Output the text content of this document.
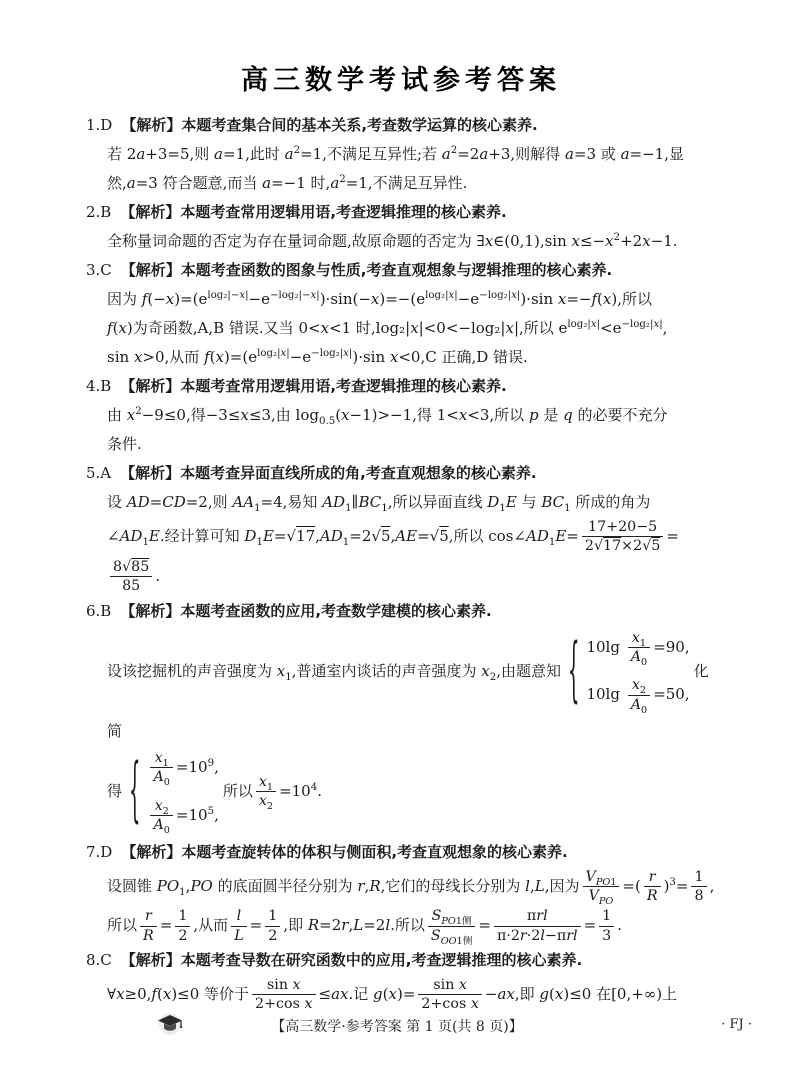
高三数学考试参考答案
1.D 【解析】本题考查集合间的基本关系,考查数学运算的核心素养.
若 2a+3=5,则 a=1,此时 $a^2=1$,不满足互异性;若 $a^2=2a+3$,则解得 a=3 或 a=−1,显
然,a=3 符合题意,而当 a=−1 时$,a^2=1$,不满足互异性.
2.B 【解析】本题考查常用逻辑用语,考查逻辑推理的核心素养.
全称量词命题的否定为存在量词命题,故原命题的否定为 ∃x∈(0,1),sin $x\le-x^2+2x-1$.
3.C 【解析】本题考查函数的图象与性质,考查直观想象与逻辑推理的核心素养.
因为 $f(-x)=(e^{log_2|-x|}-e^{-log_2|-x|})\cdot\sin(-x)=-(e^{log_2|x|}-e^{-log_2|x|})\cdot\sin$ x=−f(x),所以
f(x)为奇函数,A,B 错误.又当 0<x<1 时,log₂|x|<0<−log₂|x|,所以 $e^{log_2|x|}<e^{-log_2|x|}$,
sin x>0,从而 $f(x)=(e^{log_2|x|}-e^{-log_2|x|})\cdot\sin$ x<0,C 正确,D 错误.
4.B 【解析】本题考查常用逻辑用语,考查逻辑推理的核心素养.
由 $x^2-9\le 0$,得−3≤x≤3,由 $\log_{0.5}(x-1)>-1$,得 1<x<3,所以 p 是 q 的必要不充分
条件.
5.A 【解析】本题考查异面直线所成的角,考查直观想象的核心素养.
设 AD=CD=2,则 $AA_1=4$,易知 $AD_1\parallel BC_1$,所以异面直线 $D_1E$ 与 $BC_1$ 所成的角为
$\angle AD_1E$.经计算可知 $D_1E=√17,AD_1=2√5,AE=√5$,所以 $\cos\angle AD_1E= \frac{17+20-5}{2√17\times 2√5}$ =
$\frac{8√85}{85}$ .
6.B 【解析】本题考查函数的应用,考查数学建模的核心素养.
设该挖掘机的声音强度为 $x_1$,普通室内谈话的声音强度为 $x_2$,由题意知 { $10\lg \frac{x_1}{A_0} =90$,
$10\lg \frac{x_2}{A_0} =50$,
化简
得 { $\frac{x_1}{A_0} =10^9$,
$\frac{x_2}{A_0} =10^5$,
所以 $\frac{x_1}{x_2} =10^4$.
7.D 【解析】本题考查旋转体的体积与侧面积,考查直观想象的核心素养.
设圆锥 $PO_1,PO$ 的底面圆半径分别为 r,R,它们的母线长分别为 l,L,因为 $\frac{V_{PO1}}{V_{PO}}$ =( $\frac{r}{R} )^3= \frac{1}{8}$ ,
所以 $\frac{r}{R} = \frac{1}{2}$ ,从而 $\frac{l}{L} = \frac{1}{2}$ ,即 R=2r,L=2l.所以 $\frac{S_{PO1侧}}{S_{OO1侧}} = \frac{\text{πrl}}{\text{π·2r·2l−πrl}} = \frac{1}{3}$ .
8.C 【解析】本题考查导数在研究函数中的应用,考查逻辑推理的核心素养.
∀x≥0,f(x)≤0 等价于 $\frac{\text{sin x}}{\text{2+cos x}} \le ax$.记 $g(x)= \frac{\text{sin x}}{\text{2+cos x}} -ax$,即 g(x)≤0 在[0,+∞)上
【高三数学·参考答案 第 1 页(共 8 页)】	· FJ ·
